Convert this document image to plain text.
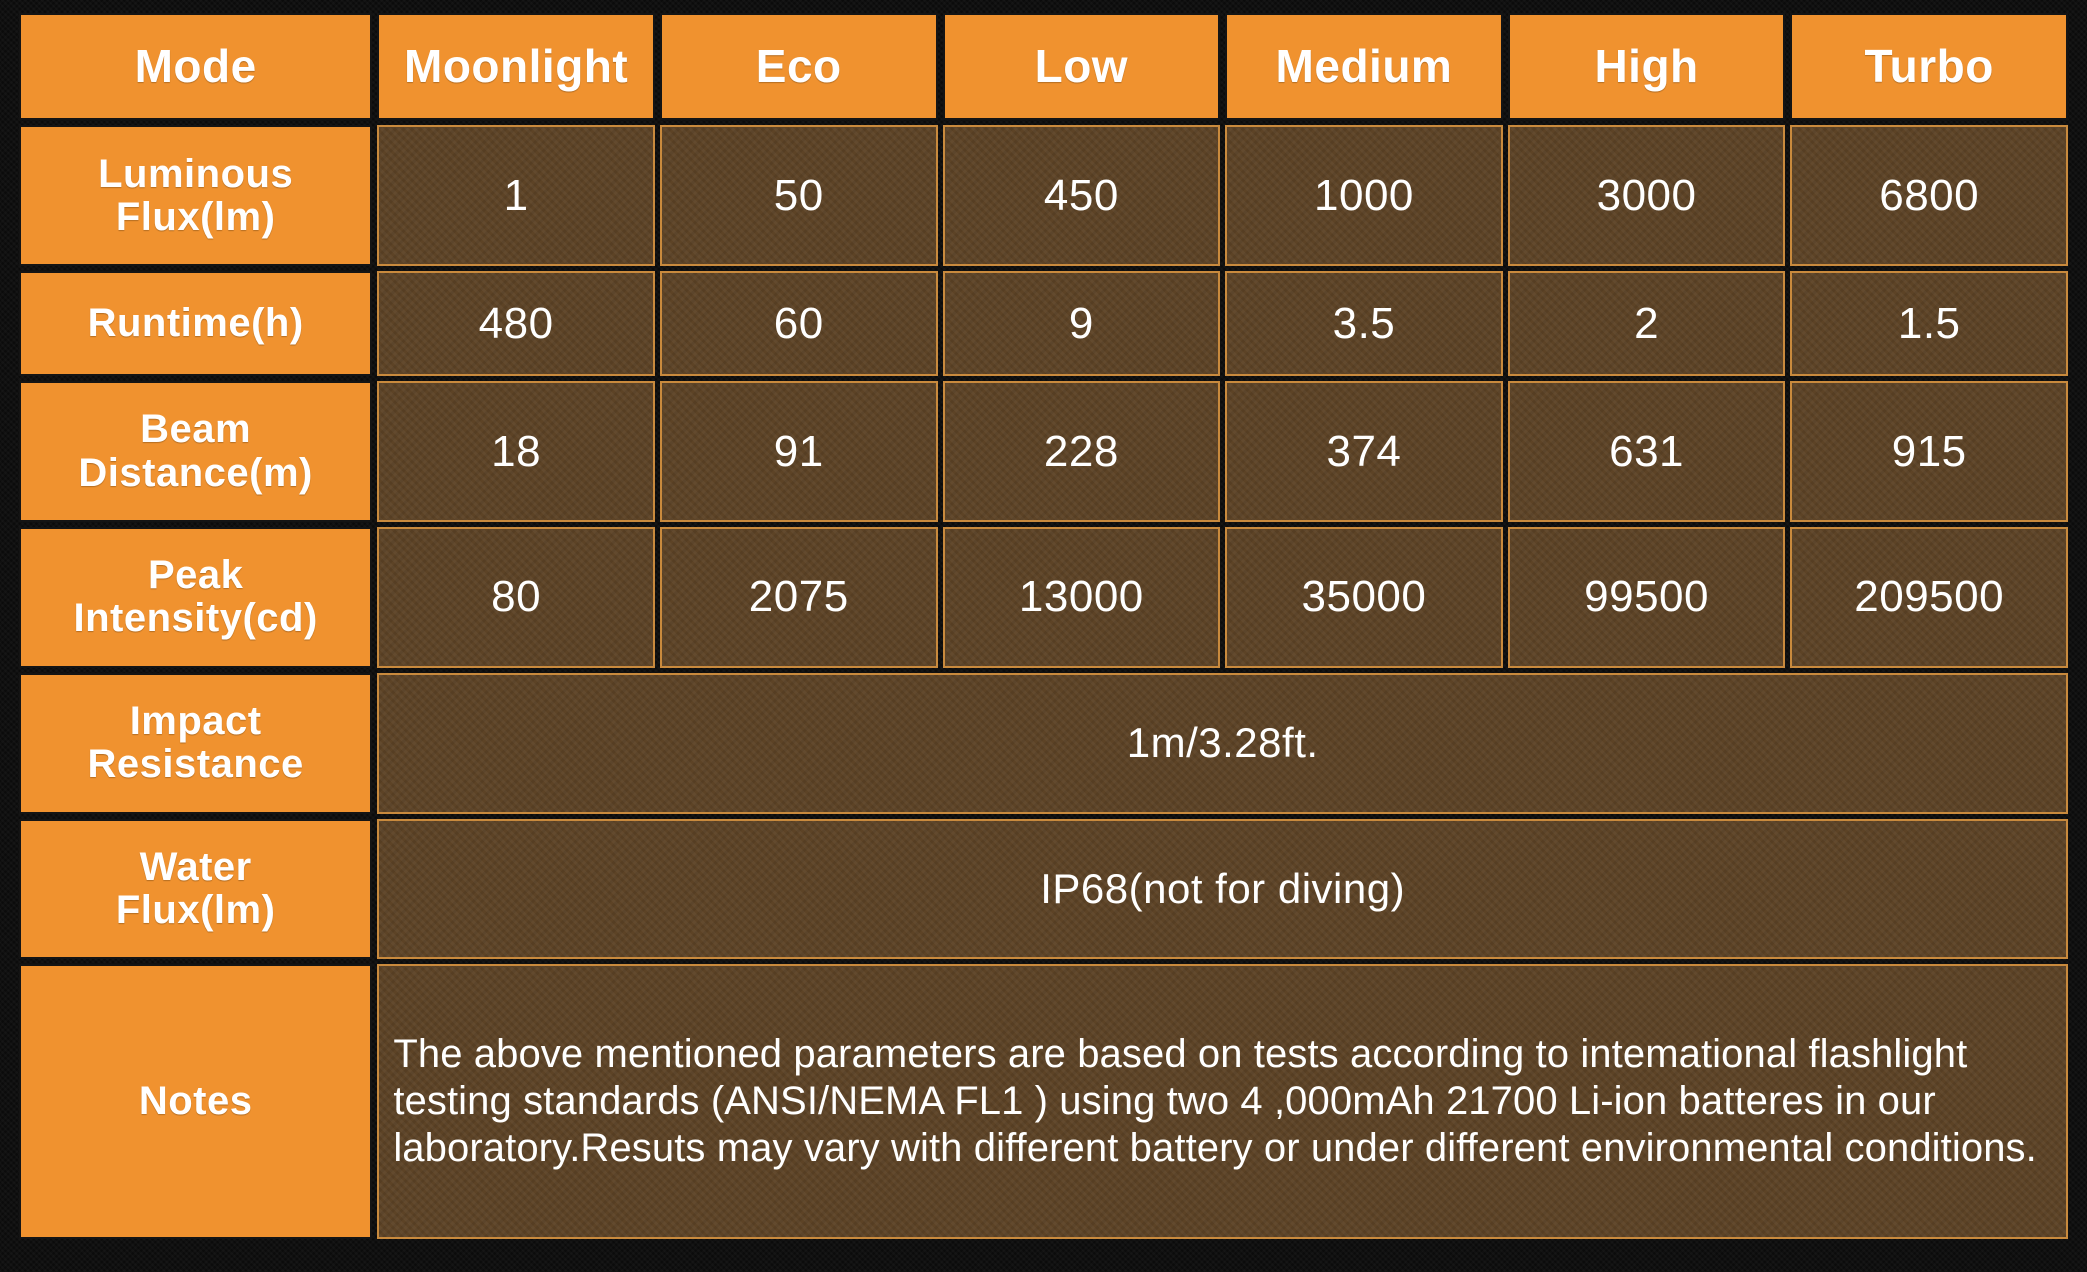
Mode	Moonlight	Eco	Low	Medium	High	Turbo
Luminous
Flux(lm)	1	50	450	1000	3000	6800
Runtime(h)	480	60	9	3.5	2	1.5
Beam
Distance(m)	18	91	228	374	631	915
Peak
Intensity(cd)	80	2075	13000	35000	99500	209500
Impact
Resistance	1m/3.28ft.					
Water
Flux(lm)	IP68(not for diving)					
Notes	The above mentioned parameters are based on tests according to intemational flashlight testing standards (ANSI/NEMA FL1 ) using two 4 ,000mAh 21700 Li-ion batteres in our laboratory.Resuts may vary with different battery or under different environmental conditions.					
